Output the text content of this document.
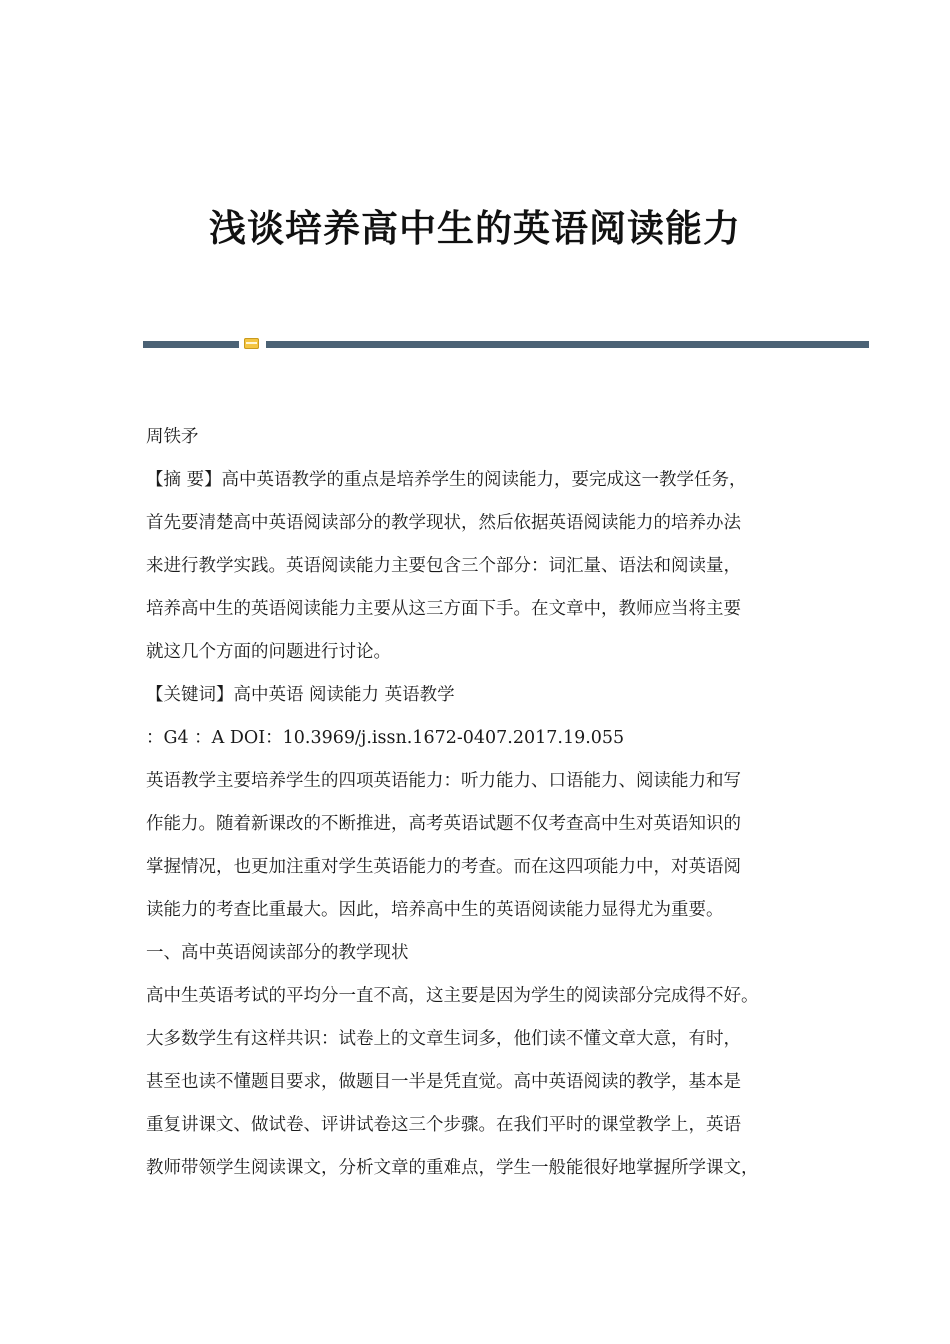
浅谈培养高中生的英语阅读能力

周铁矛

【摘 要】高中英语教学的重点是培养学生的阅读能力，要完成这一教学任务，

首先要清楚高中英语阅读部分的教学现状，然后依据英语阅读能力的培养办法

来进行教学实践。英语阅读能力主要包含三个部分：词汇量、语法和阅读量，

培养高中生的英语阅读能力主要从这三方面下手。在文章中，教师应当将主要

就这几个方面的问题进行讨论。

【关键词】高中英语 阅读能力 英语教学

：G4 ：A DOI：10.3969/j.issn.1672-0407.2017.19.055

英语教学主要培养学生的四项英语能力：听力能力、口语能力、阅读能力和写

作能力。随着新课改的不断推进，高考英语试题不仅考查高中生对英语知识的

掌握情况，也更加注重对学生英语能力的考查。而在这四项能力中，对英语阅

读能力的考查比重最大。因此，培养高中生的英语阅读能力显得尤为重要。

一、高中英语阅读部分的教学现状

高中生英语考试的平均分一直不高，这主要是因为学生的阅读部分完成得不好。

大多数学生有这样共识：试卷上的文章生词多，他们读不懂文章大意，有时，

甚至也读不懂题目要求，做题目一半是凭直觉。高中英语阅读的教学，基本是

重复讲课文、做试卷、评讲试卷这三个步骤。在我们平时的课堂教学上，英语

教师带领学生阅读课文，分析文章的重难点，学生一般能很好地掌握所学课文，
